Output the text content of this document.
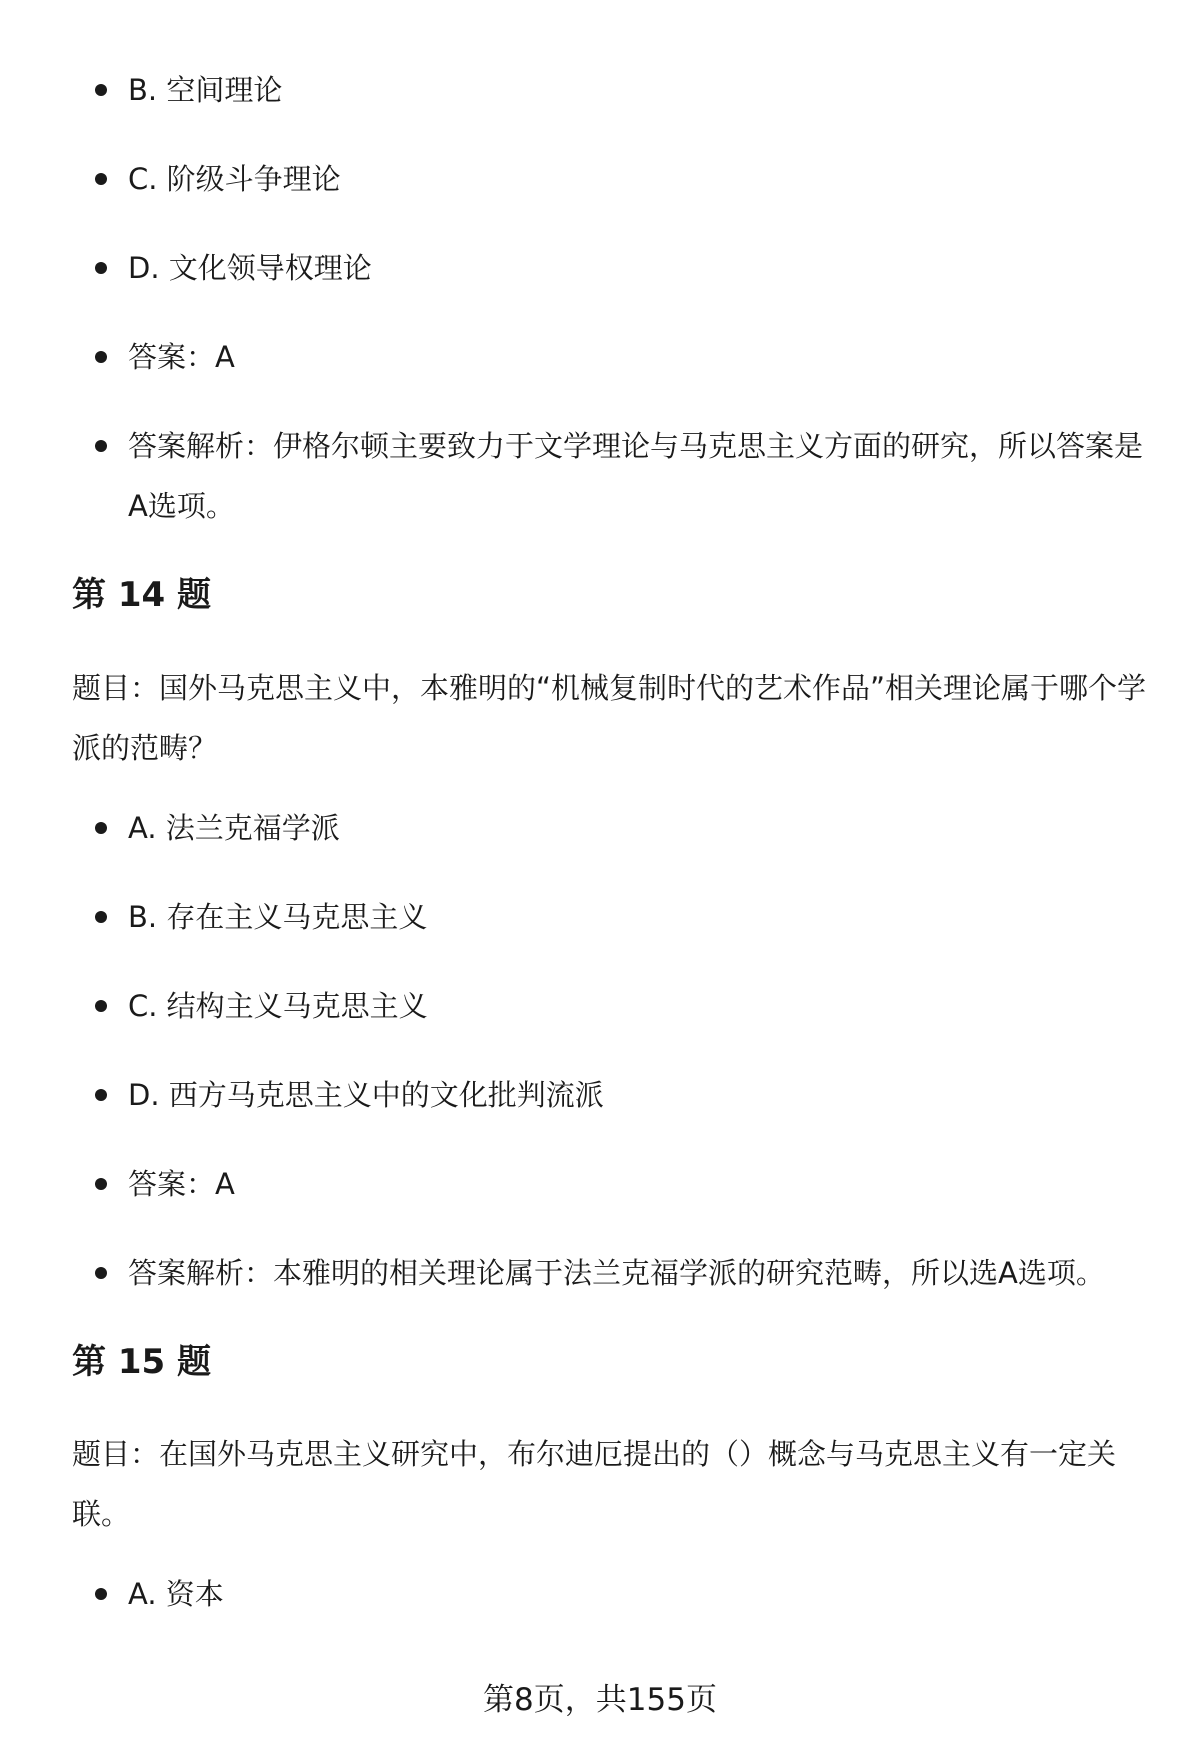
B. 空间理论
C. 阶级斗争理论
D. 文化领导权理论
答案：A
答案解析：伊格尔顿主要致力于文学理论与马克思主义方面的研究，所以答案是A选项。
第 14 题

题目：国外马克思主义中，本雅明的“机械复制时代的艺术作品”相关理论属于哪个学派的范畴？

A. 法兰克福学派
B. 存在主义马克思主义
C. 结构主义马克思主义
D. 西方马克思主义中的文化批判流派
答案：A
答案解析：本雅明的相关理论属于法兰克福学派的研究范畴，所以选A选项。
第 15 题

题目：在国外马克思主义研究中，布尔迪厄提出的（）概念与马克思主义有一定关联。

A. 资本
第8页，共155页
